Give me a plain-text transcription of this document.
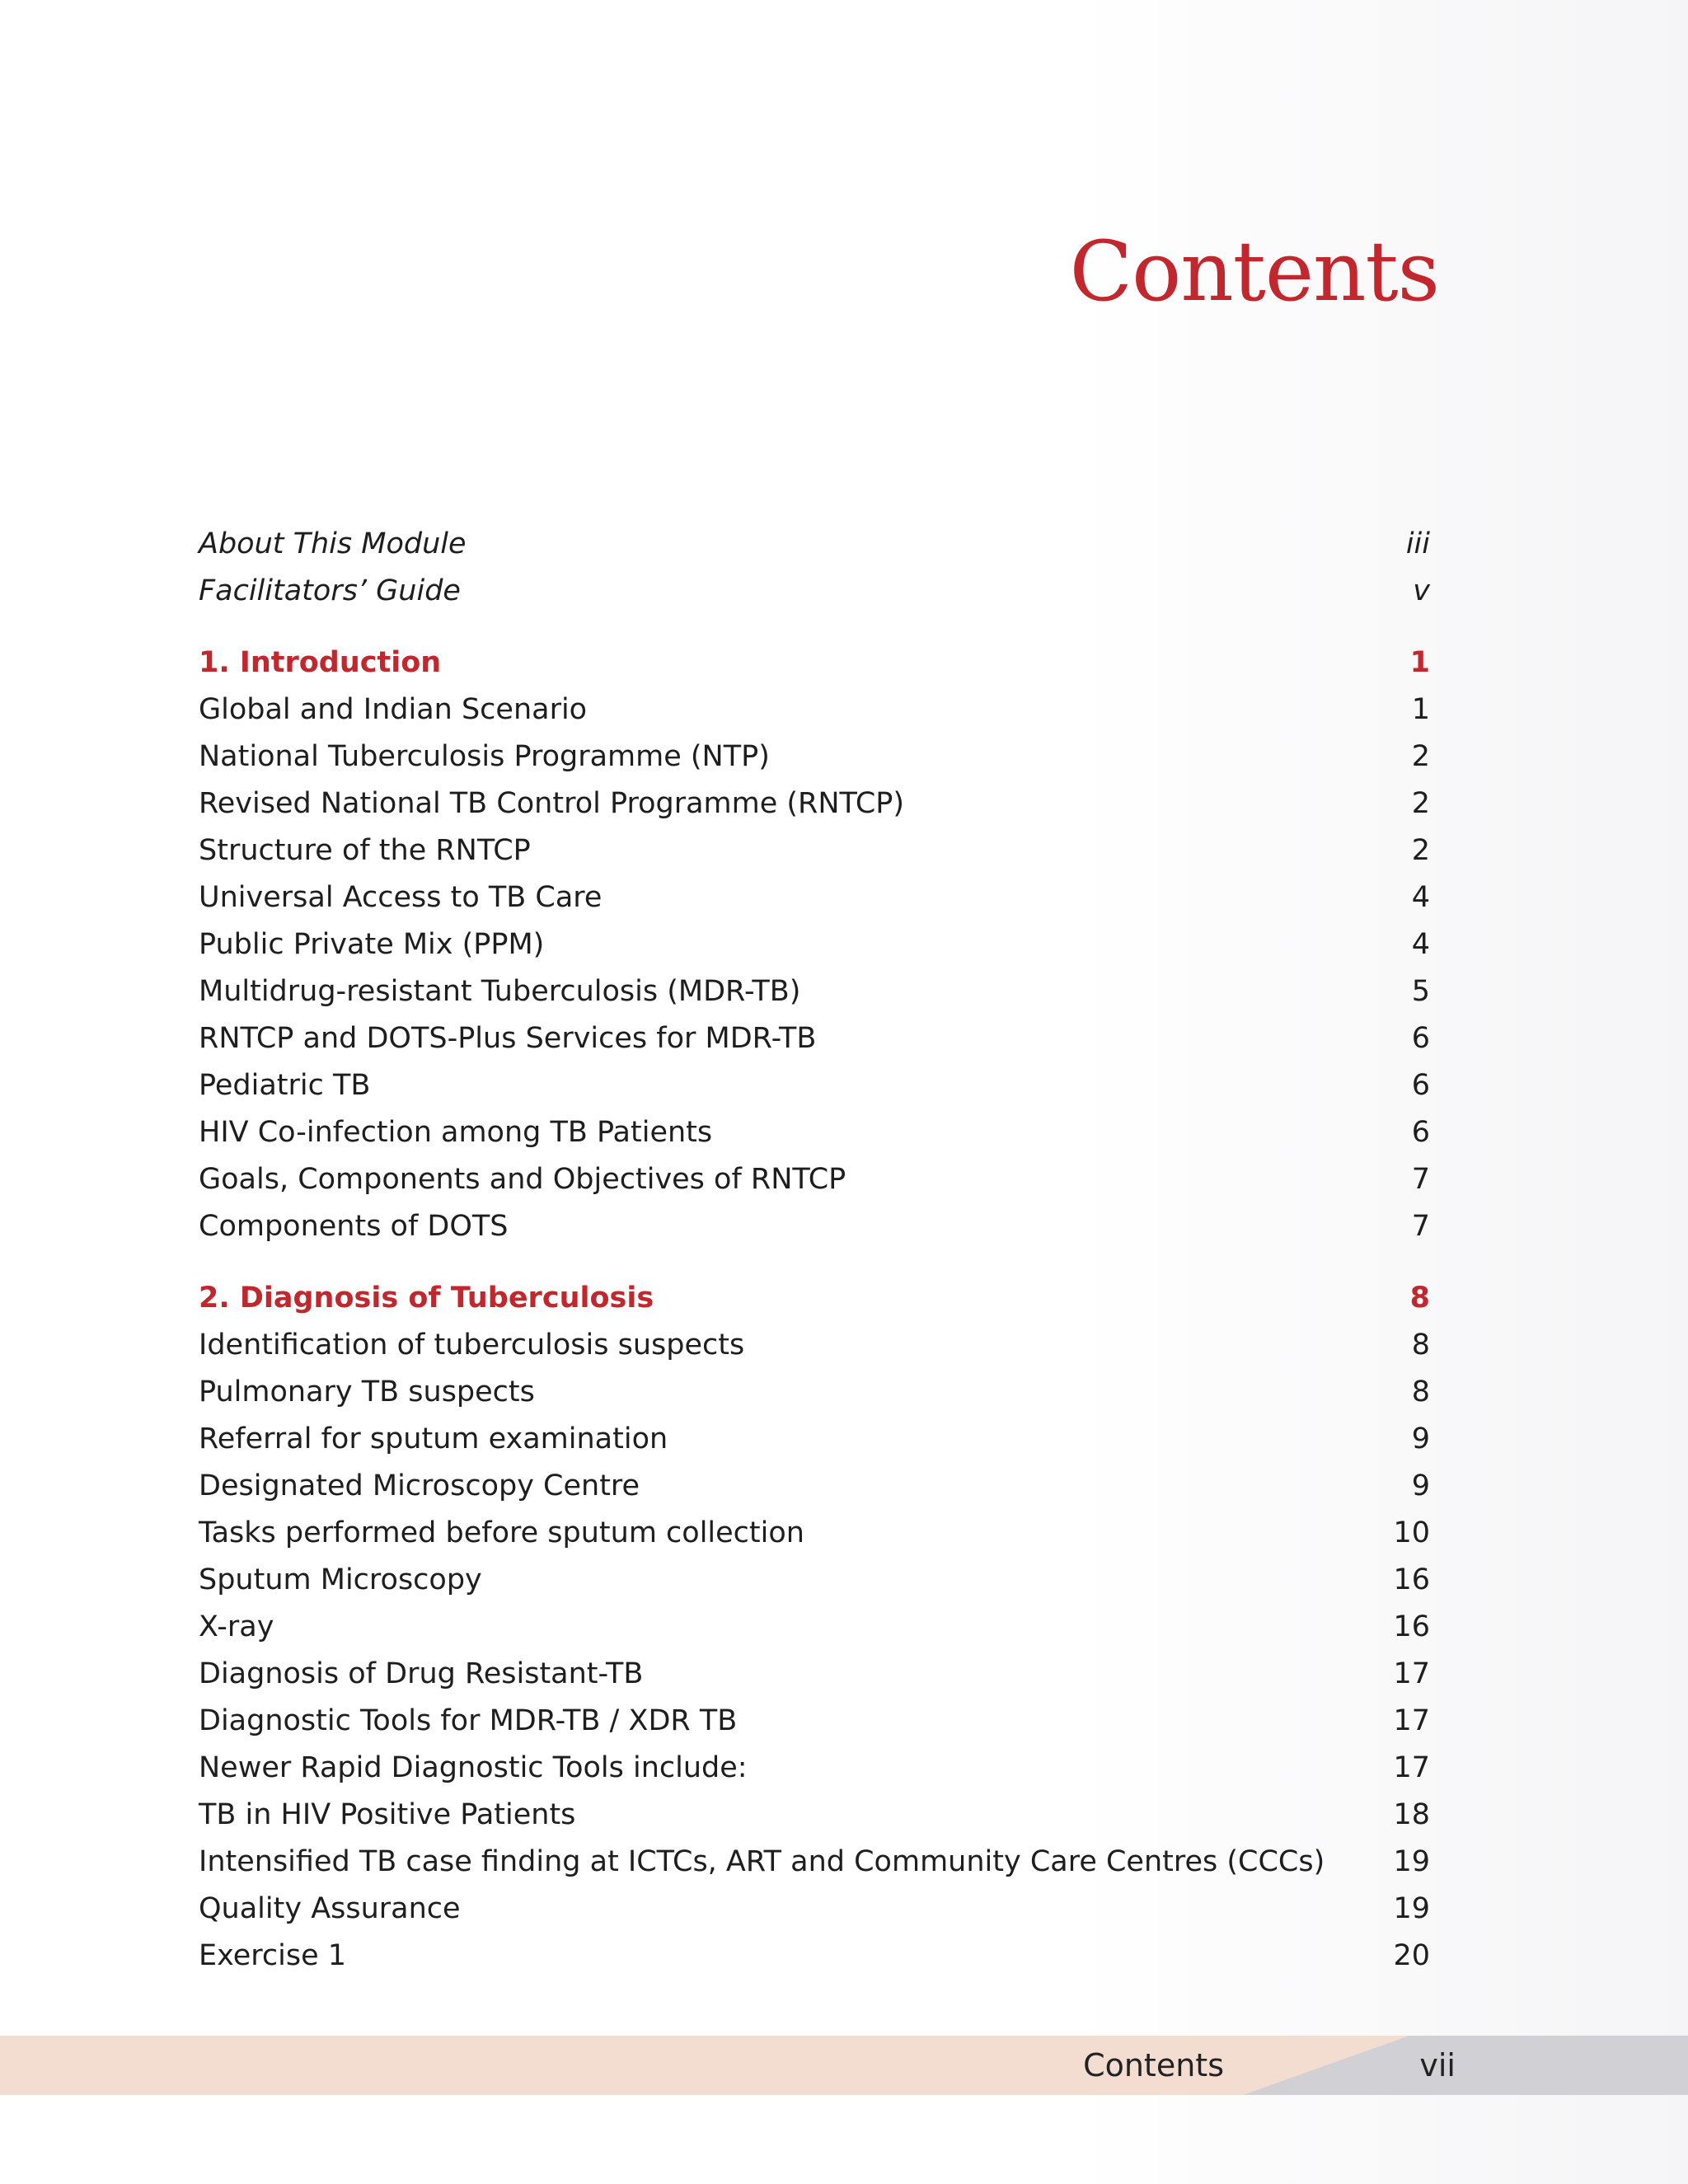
Contents
About This Module	iii
Facilitators’ Guide	v
1. Introduction	1
Global and Indian Scenario	1
National Tuberculosis Programme (NTP)	2
Revised National TB Control Programme (RNTCP)	2
Structure of the RNTCP	2
Universal Access to TB Care	4
Public Private Mix (PPM)	4
Multidrug-resistant Tuberculosis (MDR-TB)	5
RNTCP and DOTS-Plus Services for MDR-TB	6
Pediatric TB	6
HIV Co-infection among TB Patients	6
Goals, Components and Objectives of RNTCP	7
Components of DOTS	7
2. Diagnosis of Tuberculosis	8
Identification of tuberculosis suspects	8
Pulmonary TB suspects	8
Referral for sputum examination	9
Designated Microscopy Centre	9
Tasks performed before sputum collection	10
Sputum Microscopy	16
X-ray	16
Diagnosis of Drug Resistant-TB	17
Diagnostic Tools for MDR-TB / XDR TB	17
Newer Rapid Diagnostic Tools include:	17
TB in HIV Positive Patients	18
Intensified TB case finding at ICTCs, ART and Community Care Centres (CCCs) 19
Quality Assurance	19
Exercise 1	20
Contents	vii
